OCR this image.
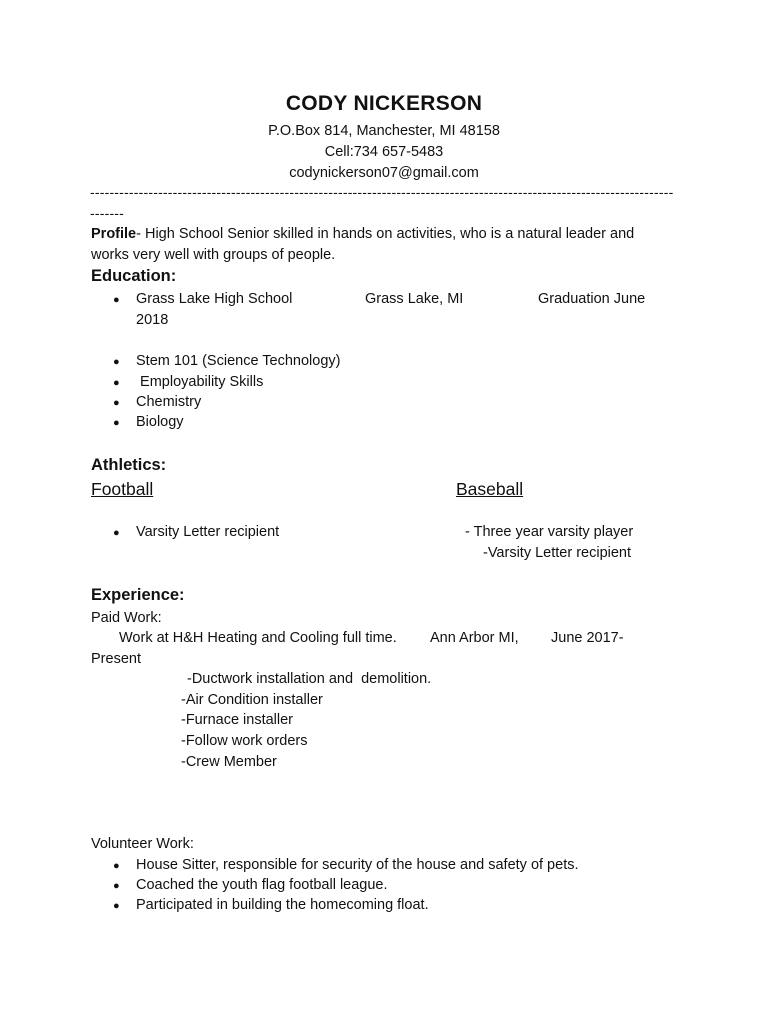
CODY NICKERSON
P.O.Box 814, Manchester, MI 48158
Cell:734 657-5483
codynickerson07@gmail.com
------------------------------------------------------------------------------------------------------------------------
-------
Profile- High School Senior skilled in hands on activities, who is a natural leader and
works very well with groups of people.
Education:
● Grass Lake High School	Grass Lake, MI	Graduation June
2018
● Stem 101 (Science Technology)
● Employability Skills
● Chemistry
● Biology
Athletics:
Football	Baseball
● Varsity Letter recipient	- Three year varsity player
-Varsity Letter recipient
Experience:
Paid Work:
Work at H&H Heating and Cooling full time. Ann Arbor MI, June 2017-
Present
-Ductwork installation and  demolition.
-Air Condition installer
-Furnace installer
-Follow work orders
-Crew Member
Volunteer Work:
● House Sitter, responsible for security of the house and safety of pets.
● Coached the youth flag football league.
● Participated in building the homecoming float.
